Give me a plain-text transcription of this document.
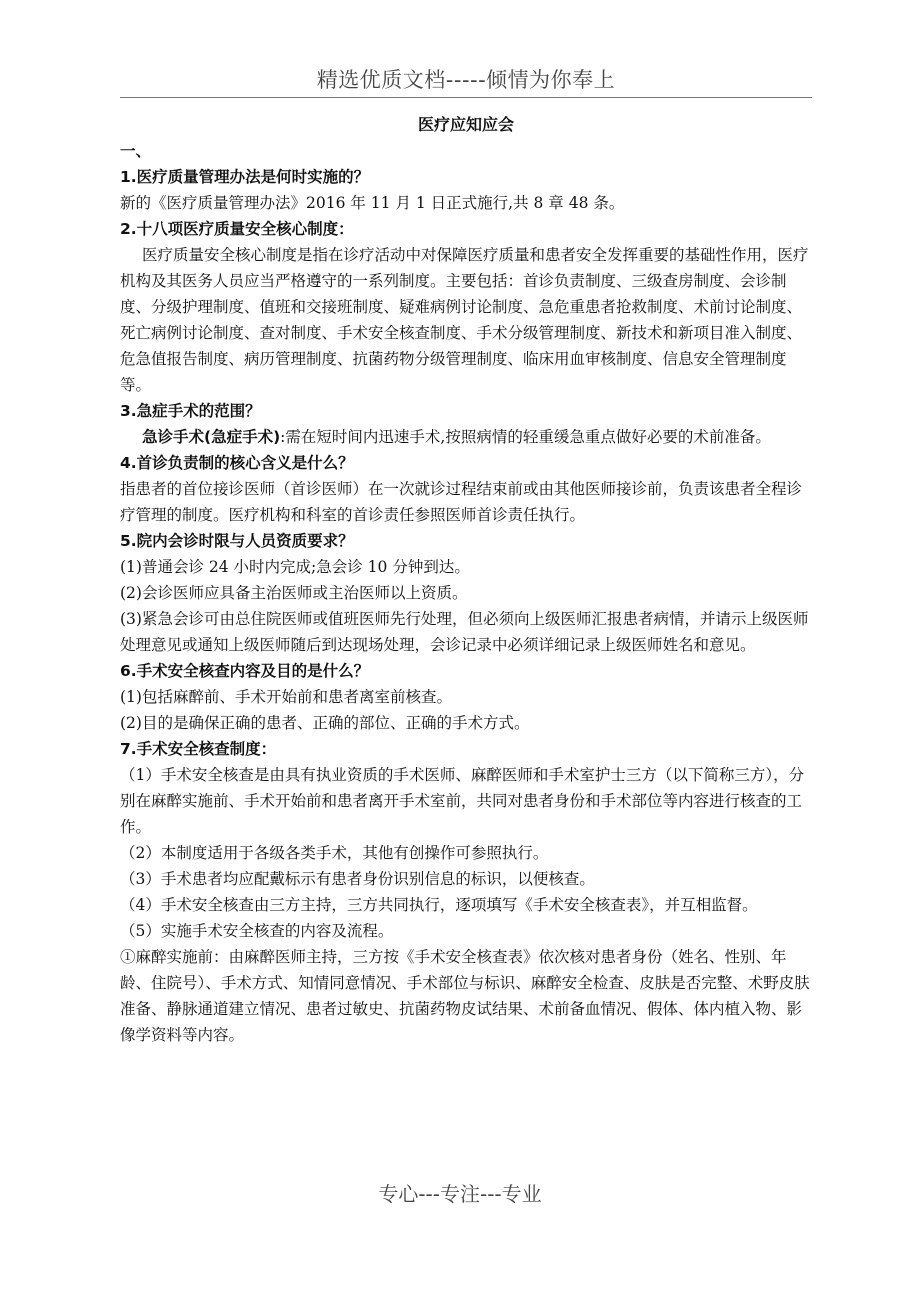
精选优质文档-----倾情为你奉上

医疗应知应会

一、

1.医疗质量管理办法是何时实施的？

新的《医疗质量管理办法》2016 年 11 月 1 日正式施行,共 8 章 48 条。

2.十八项医疗质量安全核心制度：

医疗质量安全核心制度是指在诊疗活动中对保障医疗质量和患者安全发挥重要的基础性作用，医疗机构及其医务人员应当严格遵守的一系列制度。主要包括：首诊负责制度、三级查房制度、会诊制度、分级护理制度、值班和交接班制度、疑难病例讨论制度、急危重患者抢救制度、术前讨论制度、死亡病例讨论制度、查对制度、手术安全核查制度、手术分级管理制度、新技术和新项目准入制度、危急值报告制度、病历管理制度、抗菌药物分级管理制度、临床用血审核制度、信息安全管理制度等。

3.急症手术的范围？

急诊手术(急症手术):需在短时间内迅速手术,按照病情的轻重缓急重点做好必要的术前准备。

4.首诊负责制的核心含义是什么？

指患者的首位接诊医师（首诊医师）在一次就诊过程结束前或由其他医师接诊前，负责该患者全程诊疗管理的制度。医疗机构和科室的首诊责任参照医师首诊责任执行。

5.院内会诊时限与人员资质要求？

(1)普通会诊 24 小时内完成;急会诊 10 分钟到达。

(2)会诊医师应具备主治医师或主治医师以上资质。

(3)紧急会诊可由总住院医师或值班医师先行处理，但必须向上级医师汇报患者病情，并请示上级医师处理意见或通知上级医师随后到达现场处理，会诊记录中必须详细记录上级医师姓名和意见。

6.手术安全核查内容及目的是什么？

(1)包括麻醉前、手术开始前和患者离室前核查。

(2)目的是确保正确的患者、正确的部位、正确的手术方式。

7.手术安全核查制度：

（1）手术安全核查是由具有执业资质的手术医师、麻醉医师和手术室护士三方（以下简称三方），分别在麻醉实施前、手术开始前和患者离开手术室前，共同对患者身份和手术部位等内容进行核查的工作。

（2）本制度适用于各级各类手术，其他有创操作可参照执行。

（3）手术患者均应配戴标示有患者身份识别信息的标识，以便核查。

（4）手术安全核查由三方主持，三方共同执行，逐项填写《手术安全核查表》，并互相监督。

（5）实施手术安全核查的内容及流程。

①麻醉实施前：由麻醉医师主持，三方按《手术安全核查表》依次核对患者身份（姓名、性别、年龄、住院号）、手术方式、知情同意情况、手术部位与标识、麻醉安全检查、皮肤是否完整、术野皮肤准备、静脉通道建立情况、患者过敏史、抗菌药物皮试结果、术前备血情况、假体、体内植入物、影像学资料等内容。

专心---专注---专业
